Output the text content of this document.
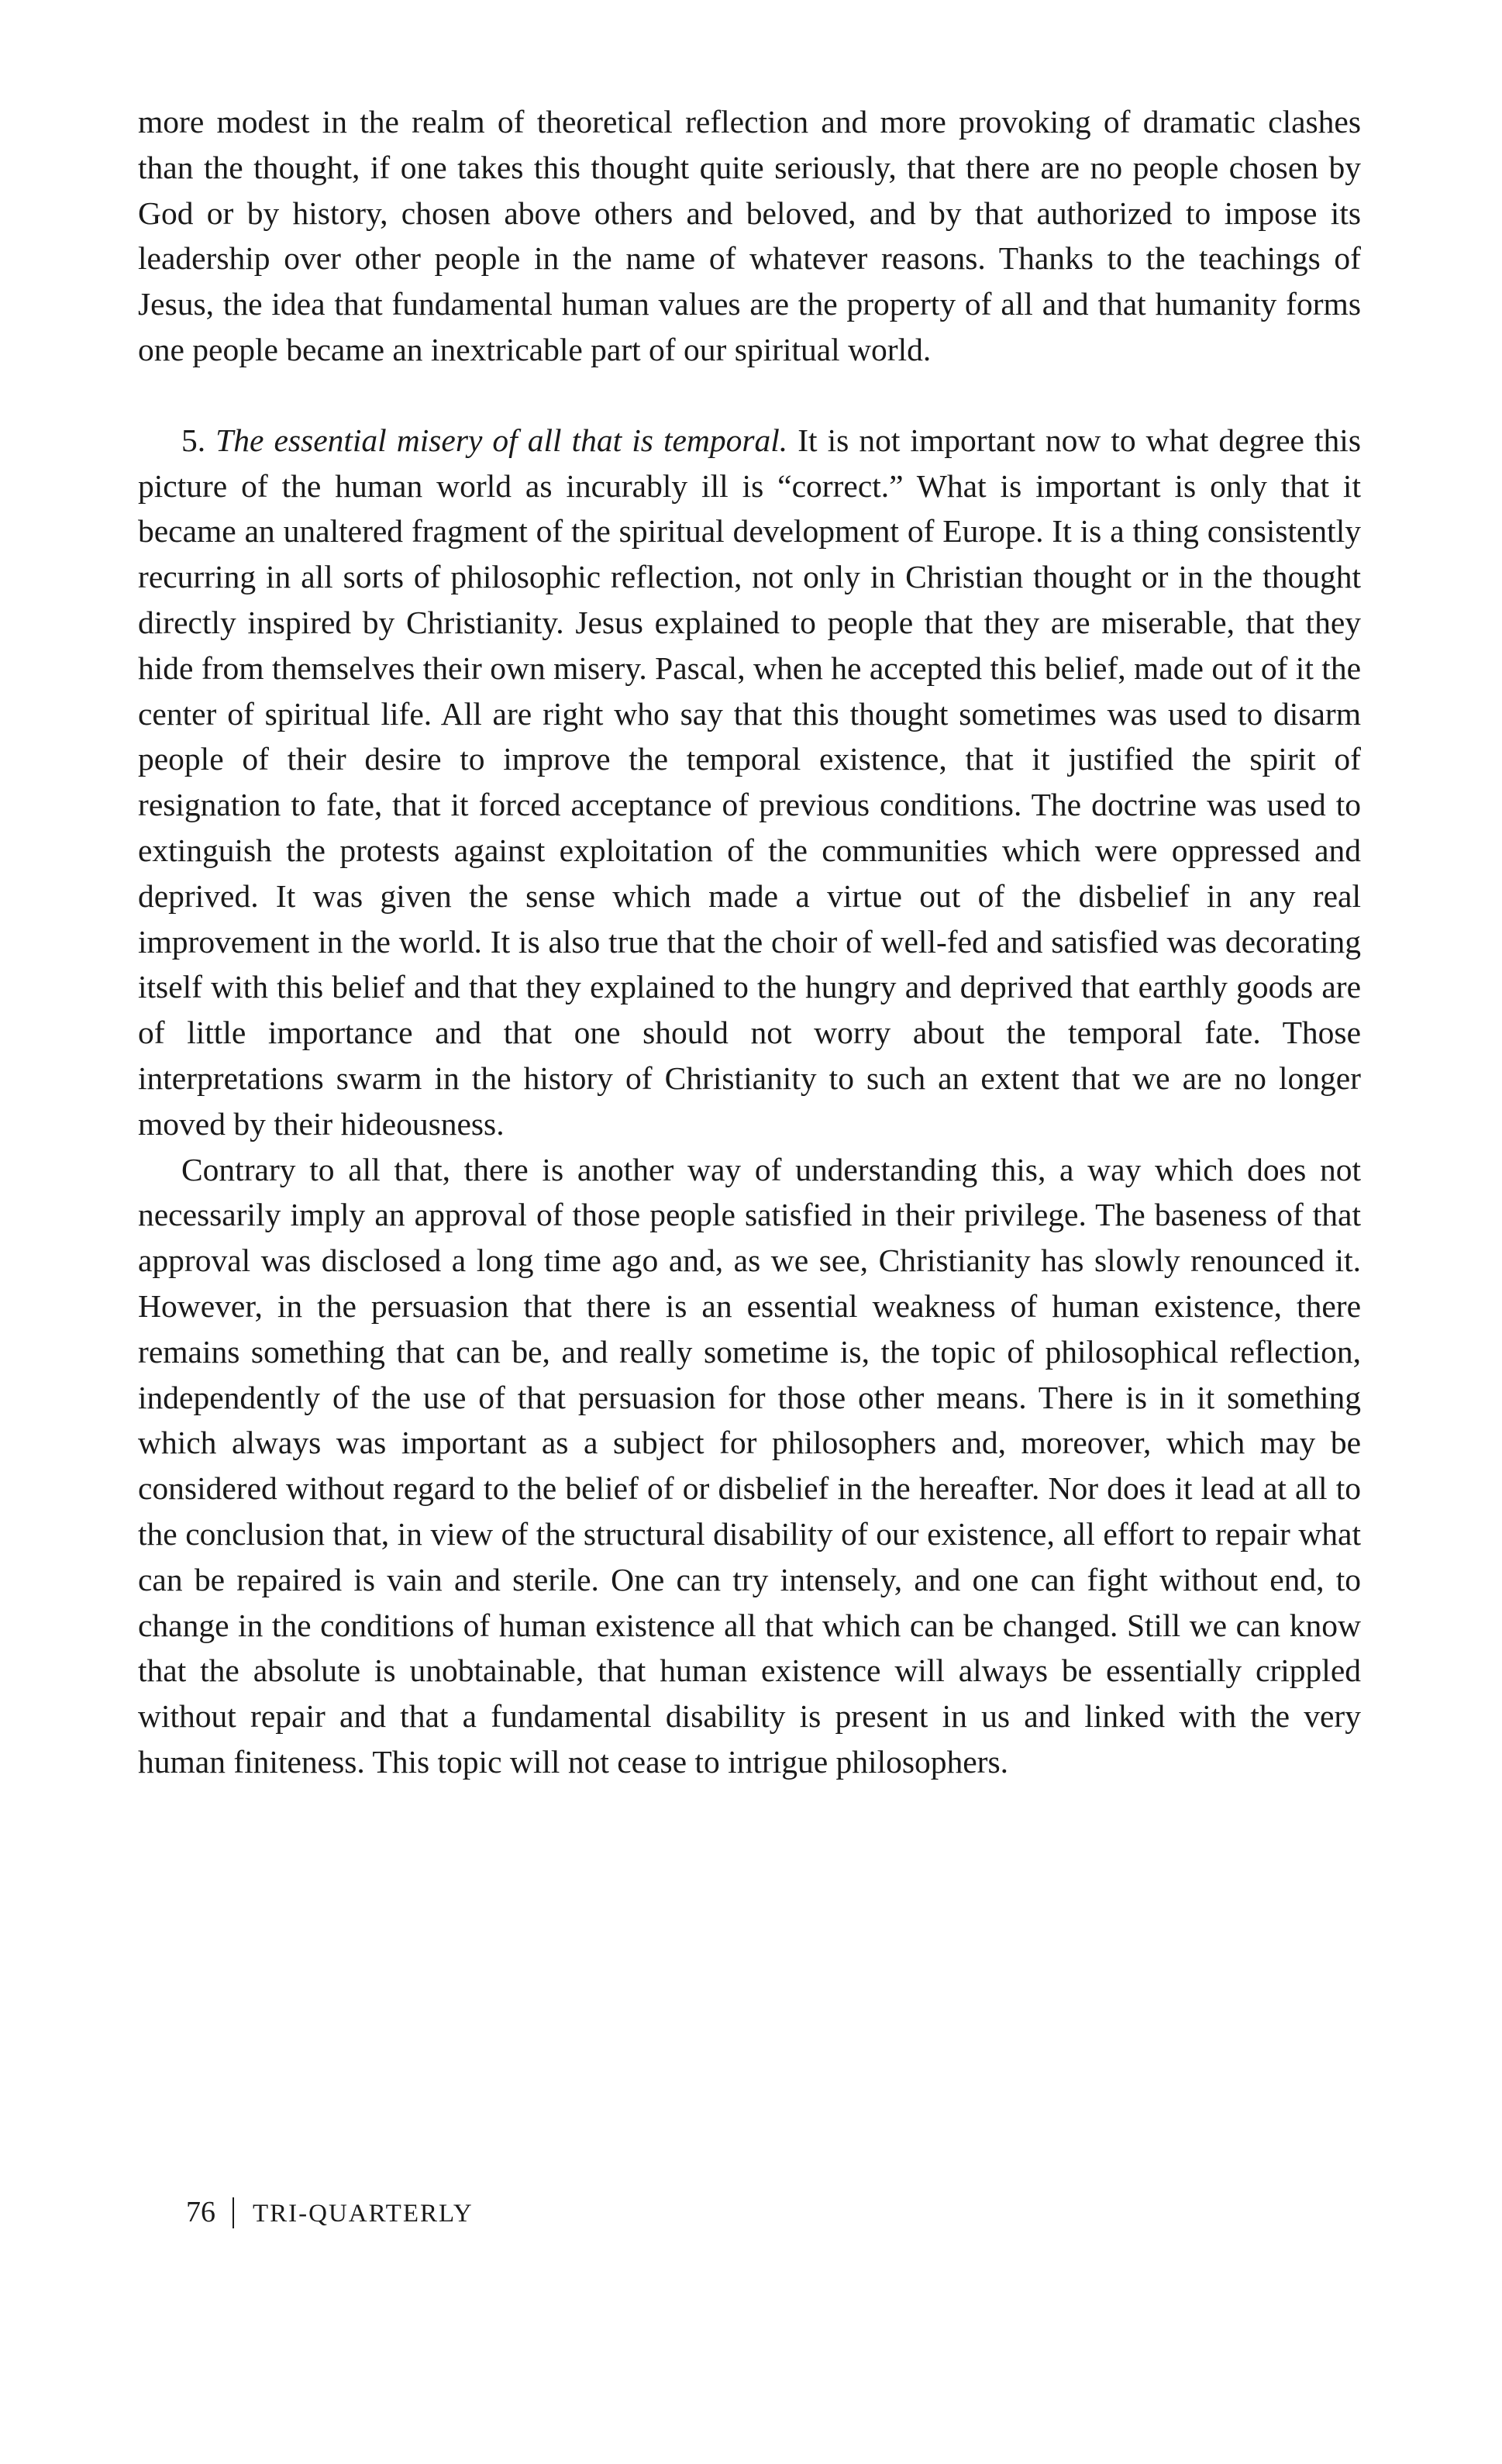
more modest in the realm of theoretical reflection and more provoking of dramatic clashes than the thought, if one takes this thought quite seriously, that there are no people chosen by God or by history, chosen above others and beloved, and by that authorized to impose its leadership over other people in the name of whatever reasons. Thanks to the teachings of Jesus, the idea that fundamental human values are the property of all and that humanity forms one people became an inextricable part of our spiritual world.

5. The essential misery of all that is temporal. It is not important now to what degree this picture of the human world as incurably ill is “correct.” What is important is only that it became an unaltered fragment of the spiritual development of Europe. It is a thing consistently recurring in all sorts of philosophic reflection, not only in Christian thought or in the thought directly inspired by Christianity. Jesus explained to people that they are miserable, that they hide from themselves their own misery. Pascal, when he accepted this belief, made out of it the center of spiritual life. All are right who say that this thought sometimes was used to disarm people of their desire to improve the temporal existence, that it justified the spirit of resignation to fate, that it forced acceptance of previous conditions. The doctrine was used to extinguish the protests against exploitation of the communities which were oppressed and deprived. It was given the sense which made a virtue out of the disbelief in any real improvement in the world. It is also true that the choir of well-fed and satisfied was decorating itself with this belief and that they explained to the hungry and deprived that earthly goods are of little importance and that one should not worry about the temporal fate. Those interpretations swarm in the history of Christianity to such an extent that we are no longer moved by their hideousness.

Contrary to all that, there is another way of understanding this, a way which does not necessarily imply an approval of those people satisfied in their privilege. The baseness of that approval was disclosed a long time ago and, as we see, Christianity has slowly renounced it. However, in the persuasion that there is an essential weakness of human existence, there remains something that can be, and really sometime is, the topic of philosophical reflection, independently of the use of that persuasion for those other means. There is in it something which always was important as a subject for philosophers and, moreover, which may be considered without regard to the belief of or disbelief in the hereafter. Nor does it lead at all to the conclusion that, in view of the structural disability of our existence, all effort to repair what can be repaired is vain and sterile. One can try intensely, and one can fight without end, to change in the conditions of human existence all that which can be changed. Still we can know that the absolute is unobtainable, that human existence will always be essentially crippled without repair and that a fundamental disability is present in us and linked with the very human finiteness. This topic will not cease to intrigue philosophers.

76 TRI-QUARTERLY
